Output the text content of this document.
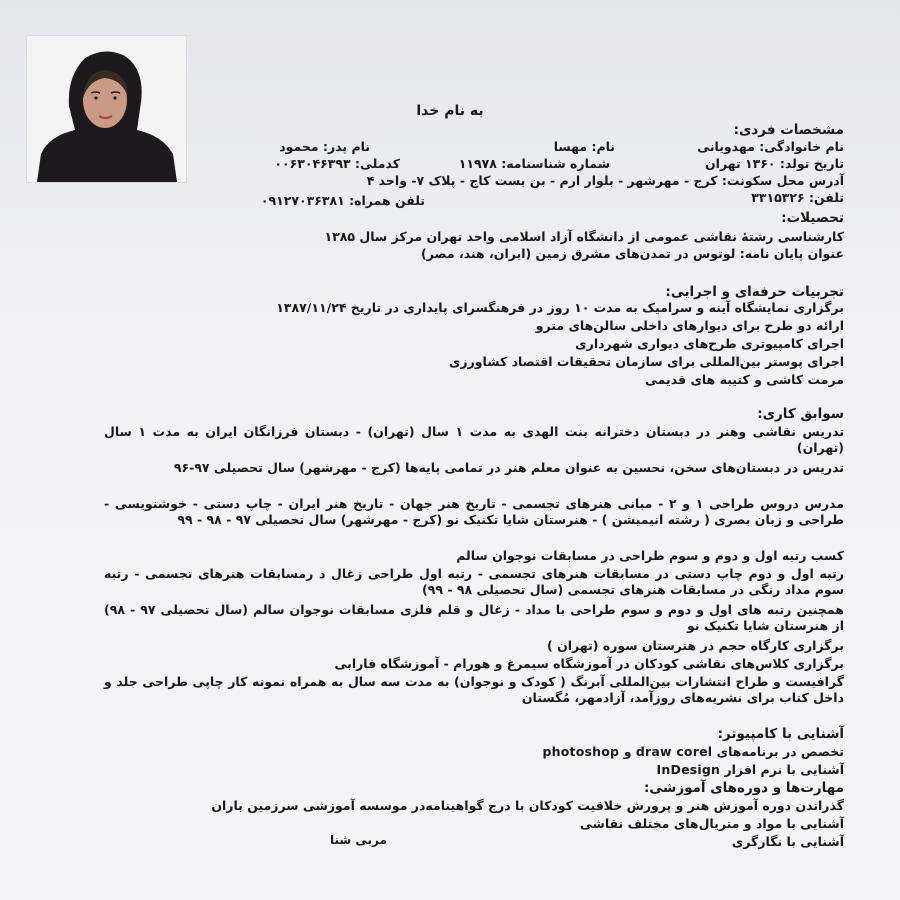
به نام خدا
مشخصات فردی:
نام خانوادگی: مهدویانی
نام: مهسا
نام پدر: محمود
تاریخ تولد: ۱۳۶۰ تهران
شماره شناسنامه: ۱۱۹۷۸
کدملی: ۰۰۶۳۰۴۶۳۹۳
آدرس محل سکونت: کرج - مهرشهر - بلوار ارم - بن بست کاج - پلاک ۷- واحد ۴
تلفن: ۳۳۱۵۳۲۶
تلفن همراه: ۰۹۱۲۷۰۳۶۳۸۱
تحصیلات:
کارشناسی رشتهٔ نقاشی عمومی از دانشگاه آزاد اسلامی واحد تهران مرکز سال ۱۳۸۵
عنوان پایان نامه: لوتوس در تمدن‌های مشرق زمین (ایران، هند، مصر)
تجربیات حرفه‌ای و اجرایی:
برگزاری نمایشگاه آینه و سرامیک به مدت ۱۰ روز در فرهنگسرای پایداری در تاریخ ۱۳۸۷/۱۱/۲۴
ارائه دو طرح برای دیوارهای داخلی سالن‌های مترو
اجرای کامپیوتری طرح‌های دیواری شهرداری
اجرای پوستر بین‌المللی برای سازمان تحقیقات اقتصاد کشاورزی
مرمت کاشی و کتیبه های قدیمی
سوابق کاری:
تدریس نقاشی وهنر در دبستان دخترانه بنت الهدی به مدت ۱ سال (تهران) - دبستان فرزانگان ایران به مدت ۱ سال (تهران)
تدریس در دبستان‌های سخن، تحسین به عنوان معلم هنر در تمامی پایه‌ها (کرج - مهرشهر) سال تحصیلی ۹۷-۹۶
مدرس دروس طراحی ۱ و ۲ - مبانی هنرهای تجسمی - تاریخ هنر جهان - تاریخ هنر ایران - چاپ دستی - خوشنویسی - طراحی و زبان بصری ( رشته انیمیشن ) - هنرستان شایا تکنیک نو (کرج - مهرشهر) سال تحصیلی ۹۷ - ۹۸ - ۹۹
کسب رتبه اول و دوم و سوم طراحی در مسابقات نوجوان سالم
رتبه اول و دوم چاپ دستی در مسابقات هنرهای تجسمی - رتبه اول طراحی زغال د رمسابقات هنرهای تجسمی - رتبه سوم مداد رنگی در مسابقات هنرهای تجسمی (سال تحصیلی ۹۸ - ۹۹)
همچنین رتبه های اول و دوم و سوم طراحی با مداد - زغال و قلم فلزی مسابقات نوجوان سالم (سال تحصیلی ۹۷ - ۹۸) از هنرستان شایا تکنیک نو
برگزاری کارگاه حجم در هنرستان سوره (تهران )
برگزاری کلاس‌های نقاشی کودکان در آموزشگاه سیمرغ و هورام - آموزشگاه فارابی
گرافیست و طراح انتشارات بین‌المللی آبرنگ ( کودک و نوجوان) به مدت سه سال به همراه نمونه کار چاپی طراحی جلد و داخل کتاب برای نشریه‌های روزآمد، آزادمهر، مُگستان
آشنایی با کامپیوتر:
تخصص در برنامه‌های photoshop و draw corel
آشنایی با نرم افزار InDesign
مهارت‌ها و دوره‌های آموزشی:
گذراندن دوره آموزش هنر و پرورش خلاقیت کودکان با درج گواهینامه‌در موسسه آموزشی سرزمین باران
آشنایی با مواد و متریال‌های مختلف نقاشی
آشنایی با نگارگری
مربی شنا
